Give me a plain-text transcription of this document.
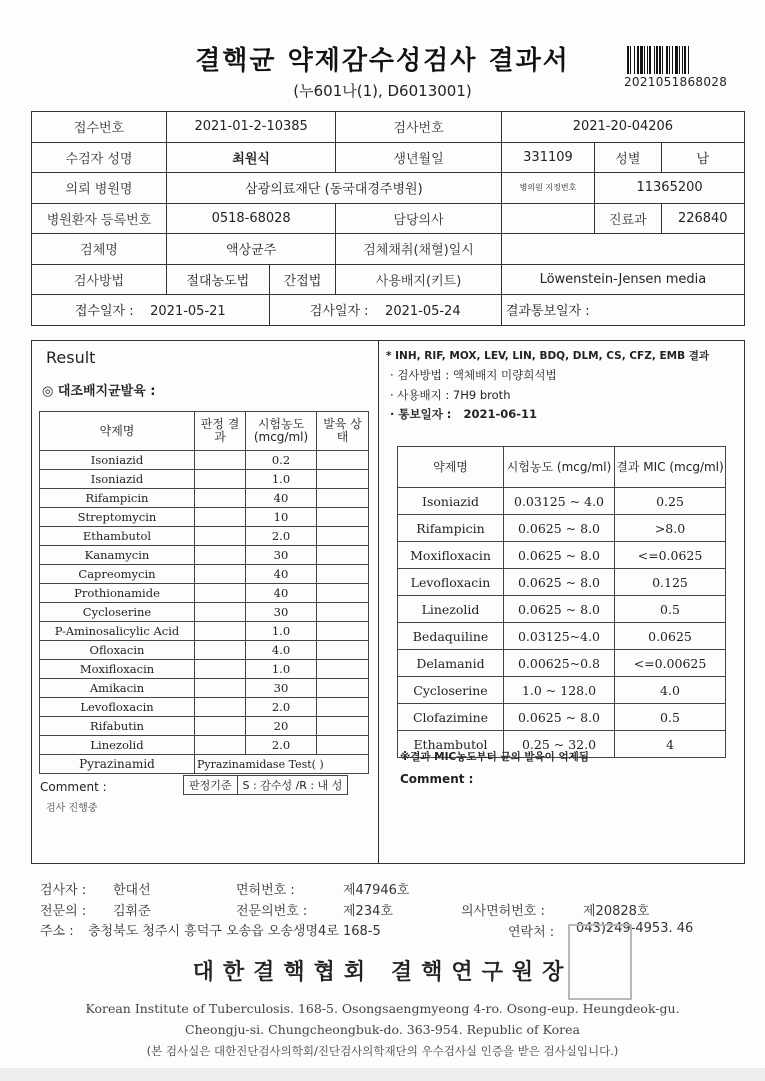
결핵균 약제감수성검사 결과서
(누601나(1), D6013001)	2021051868028
접수번호	2021-01-2-10385		검사번호	2021-20-04206		
수검자 성명	최원식		생년월일	331109	성별	남
의뢰 병원명	삼광의료재단 (동국대경주병원)			병의원 지정번호	11365200	
병원환자 등록번호	0518-68028		담당의사		진료과	226840
검체명	액상균주		검체채취(채혈)일시			
검사방법	절대농도법	간접법	사용배지(키트)	Löwenstein-Jensen media		
접수일자 : 2021-05-21		검사일자 : 2021-05-24		결과통보일자 :		
Result
◎ 대조배지균발육 :
약제명	판정 결과	시험농도 (mcg/ml)	발육 상태
Isoniazid		0.2	
Isoniazid		1.0	
Rifampicin		40	
Streptomycin		10	
Ethambutol		2.0	
Kanamycin		30	
Capreomycin		40	
Prothionamide		40	
Cycloserine		30	
P-Aminosalicylic Acid		1.0	
Ofloxacin		4.0	
Moxifloxacin		1.0	
Amikacin		30	
Levofloxacin		2.0	
Rifabutin		20	
Linezolid		2.0	
Pyrazinamid	Pyrazinamidase Test( )		
Comment :	판정기준	S : 감수성 /R : 내 성
검사 진행중
* INH, RIF, MOX, LEV, LIN, BDQ, DLM, CS, CFZ, EMB 결과
· 검사방법 : 액체배지 미량희석법
· 사용배지 : 7H9 broth
· 통보일자 : 2021-06-11
약제명	시험농도 (mcg/ml)	결과 MIC (mcg/ml)
Isoniazid	0.03125 ~ 4.0	0.25
Rifampicin	0.0625 ~ 8.0	>8.0
Moxifloxacin	0.0625 ~ 8.0	<=0.0625
Levofloxacin	0.0625 ~ 8.0	0.125
Linezolid	0.0625 ~ 8.0	0.5
Bedaquiline	0.03125~4.0	0.0625
Delamanid	0.00625~0.8	<=0.00625
Cycloserine	1.0 ~ 128.0	4.0
Clofazimine	0.0625 ~ 8.0	0.5
Ethambutol	0.25 ~ 32.0	4
※결과 MIC농도부터 균의 발육이 억제됨
Comment :
검사자 : 한대선	면허번호 :	제47946호
전문의 : 김휘준	전문의번호 :	제234호	의사면허번호 :	제20828호
주소 : 충청북도 청주시 흥덕구 오송읍 오송생명4로 168-5	연락처 : 043)249-4953. 46
대한결핵협회 결핵연구원장
Korean Institute of Tuberculosis. 168-5. Osongsaengmyeong 4-ro. Osong-eup. Heungdeok-gu.
Cheongju-si. Chungcheongbuk-do. 363-954. Republic of Korea
(본 검사실은 대한진단검사의학회/진단검사의학재단의 우수검사실 인증을 받은 검사실입니다.)
